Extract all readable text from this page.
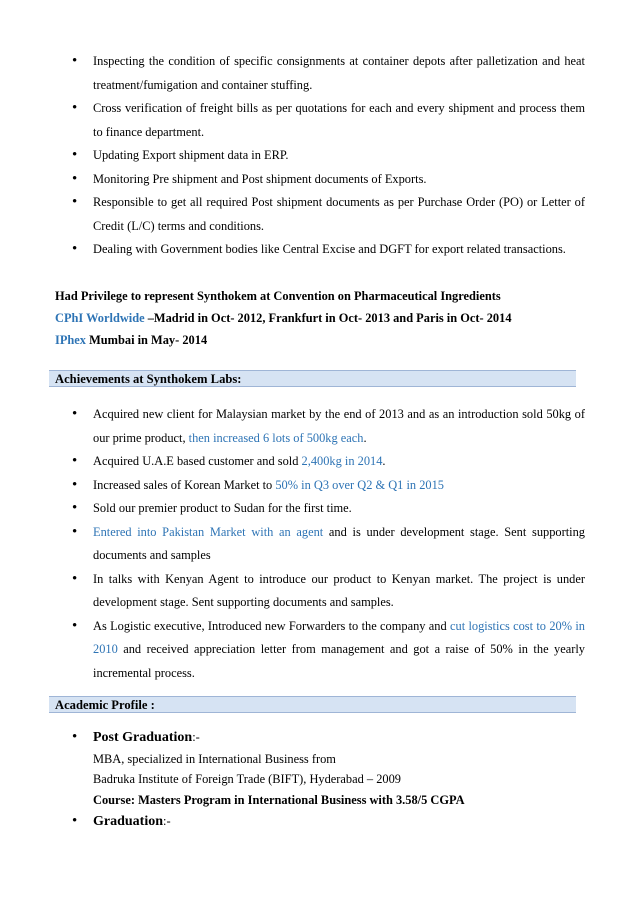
• Inspecting the condition of specific consignments at container depots after palletization and heat treatment/fumigation and container stuffing.
• Cross verification of freight bills as per quotations for each and every shipment and process them to finance department.
• Updating Export shipment data in ERP.
• Monitoring Pre shipment and Post shipment documents of Exports.
• Responsible to get all required Post shipment documents as per Purchase Order (PO) or Letter of Credit (L/C) terms and conditions.
• Dealing with Government bodies like Central Excise and DGFT for export related transactions.
Had Privilege to represent Synthokem at Convention on Pharmaceutical Ingredients
CPhI Worldwide –Madrid in Oct- 2012, Frankfurt in Oct- 2013 and Paris in Oct- 2014
IPhex Mumbai in May- 2014
Achievements at Synthokem Labs:
• Acquired new client for Malaysian market by the end of 2013 and as an introduction sold 50kg of our prime product, then increased 6 lots of 500kg each.
• Acquired U.A.E based customer and sold 2,400kg in 2014.
• Increased sales of Korean Market to 50% in Q3 over Q2 & Q1 in 2015
• Sold our premier product to Sudan for the first time.
• Entered into Pakistan Market with an agent and is under development stage. Sent supporting documents and samples
• In talks with Kenyan Agent to introduce our product to Kenyan market. The project is under development stage. Sent supporting documents and samples.
• As Logistic executive, Introduced new Forwarders to the company and cut logistics cost to 20% in 2010 and received appreciation letter from management and got a raise of 50% in the yearly incremental process.
Academic Profile :
• Post Graduation:-
MBA, specialized in International Business from
Badruka Institute of Foreign Trade (BIFT), Hyderabad – 2009
Course: Masters Program in International Business with 3.58/5 CGPA
• Graduation:-
